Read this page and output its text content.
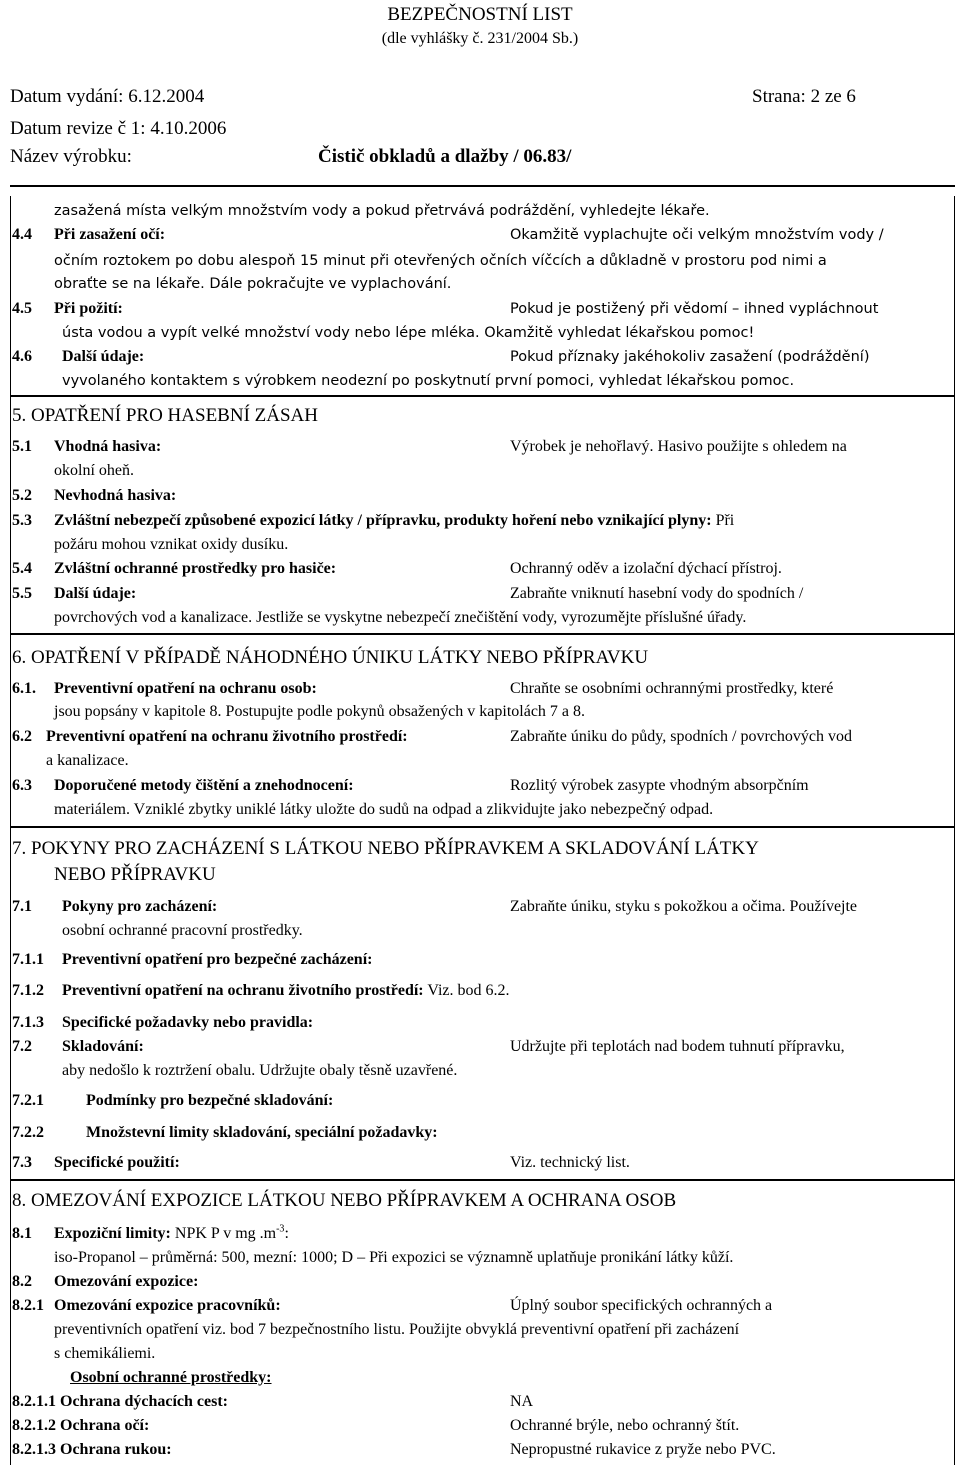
BEZPEČNOSTNÍ LIST
(dle vyhlášky č. 231/2004 Sb.)
Datum vydání: 6.12.2004	Strana: 2 ze 6
Datum revize č 1: 4.10.2006
Název výrobku:	Čistič obkladů a dlažby / 06.83/
zasažená místa velkým množstvím vody a pokud přetrvává podráždění, vyhledejte lékaře.
4.4 Při zasažení očí:	Okamžitě vyplachujte oči velkým množstvím vody /
očním roztokem po dobu alespoň 15 minut při otevřených očních víčcích a důkladně v prostoru pod nimi a
obraťte se na lékaře. Dále pokračujte ve vyplachování.
4.5 Při požití:	Pokud je postižený při vědomí – ihned vypláchnout
ústa vodou a vypít velké množství vody nebo lépe mléka. Okamžitě vyhledat lékařskou pomoc!
4.6 Další údaje:	Pokud příznaky jakéhokoliv zasažení (podráždění)
vyvolaného kontaktem s výrobkem neodezní po poskytnutí první pomoci, vyhledat lékařskou pomoc.
5. OPATŘENÍ PRO HASEBNÍ ZÁSAH
5.1 Vhodná hasiva:	Výrobek je nehořlavý. Hasivo použijte s ohledem na
okolní oheň.
5.2 Nevhodná hasiva:
5.3 Zvláštní nebezpečí způsobené expozicí látky / přípravku, produkty hoření nebo vznikající plyny: Při
požáru mohou vznikat oxidy dusíku.
5.4 Zvláštní ochranné prostředky pro hasiče:	Ochranný oděv a izolační dýchací přístroj.
5.5 Další údaje:	Zabraňte vniknutí hasební vody do spodních /
povrchových vod a kanalizace. Jestliže se vyskytne nebezpečí znečištění vody, vyrozumějte příslušné úřady.
6. OPATŘENÍ V PŘÍPADĚ NÁHODNÉHO ÚNIKU LÁTKY NEBO PŘÍPRAVKU
6.1. Preventivní opatření na ochranu osob:	Chraňte se osobními ochrannými prostředky, které
jsou popsány v kapitole 8. Postupujte podle pokynů obsažených v kapitolách 7 a 8.
6.2 Preventivní opatření na ochranu životního prostředí:	Zabraňte úniku do půdy, spodních / povrchových vod
a kanalizace.
6.3 Doporučené metody čištění a znehodnocení:	Rozlitý výrobek zasypte vhodným absorpčním
materiálem. Vzniklé zbytky uniklé látky uložte do sudů na odpad a zlikvidujte jako nebezpečný odpad.
7. POKYNY PRO ZACHÁZENÍ S LÁTKOU NEBO PŘÍPRAVKEM A SKLADOVÁNÍ LÁTKY
NEBO PŘÍPRAVKU
7.1 Pokyny pro zacházení:	Zabraňte úniku, styku s pokožkou a očima. Používejte
osobní ochranné pracovní prostředky.
7.1.1 Preventivní opatření pro bezpečné zacházení:
7.1.2 Preventivní opatření na ochranu životního prostředí: Viz. bod 6.2.
7.1.3 Specifické požadavky nebo pravidla:
7.2 Skladování:	Udržujte při teplotách nad bodem tuhnutí přípravku,
aby nedošlo k roztržení obalu. Udržujte obaly těsně uzavřené.
7.2.1	Podmínky pro bezpečné skladování:
7.2.2	Množstevní limity skladování, speciální požadavky:
7.3 Specifické použití:	Viz. technický list.
8. OMEZOVÁNÍ EXPOZICE LÁTKOU NEBO PŘÍPRAVKEM A OCHRANA OSOB
8.1 Expoziční limity: NPK P v mg $.m^{-3}$:
iso-Propanol – průměrná: 500, mezní: 1000; D – Při expozici se významně uplatňuje pronikání látky kůží.
8.2 Omezování expozice:
8.2.1 Omezování expozice pracovníků:	Úplný soubor specifických ochranných a
preventivních opatření viz. bod 7 bezpečnostního listu. Použijte obvyklá preventivní opatření při zacházení
s chemikáliemi.
Osobní ochranné prostředky:
8.2.1.1 Ochrana dýchacích cest:	NA
8.2.1.2 Ochrana očí:	Ochranné brýle, nebo ochranný štít.
8.2.1.3 Ochrana rukou:	Nepropustné rukavice z pryže nebo PVC.
